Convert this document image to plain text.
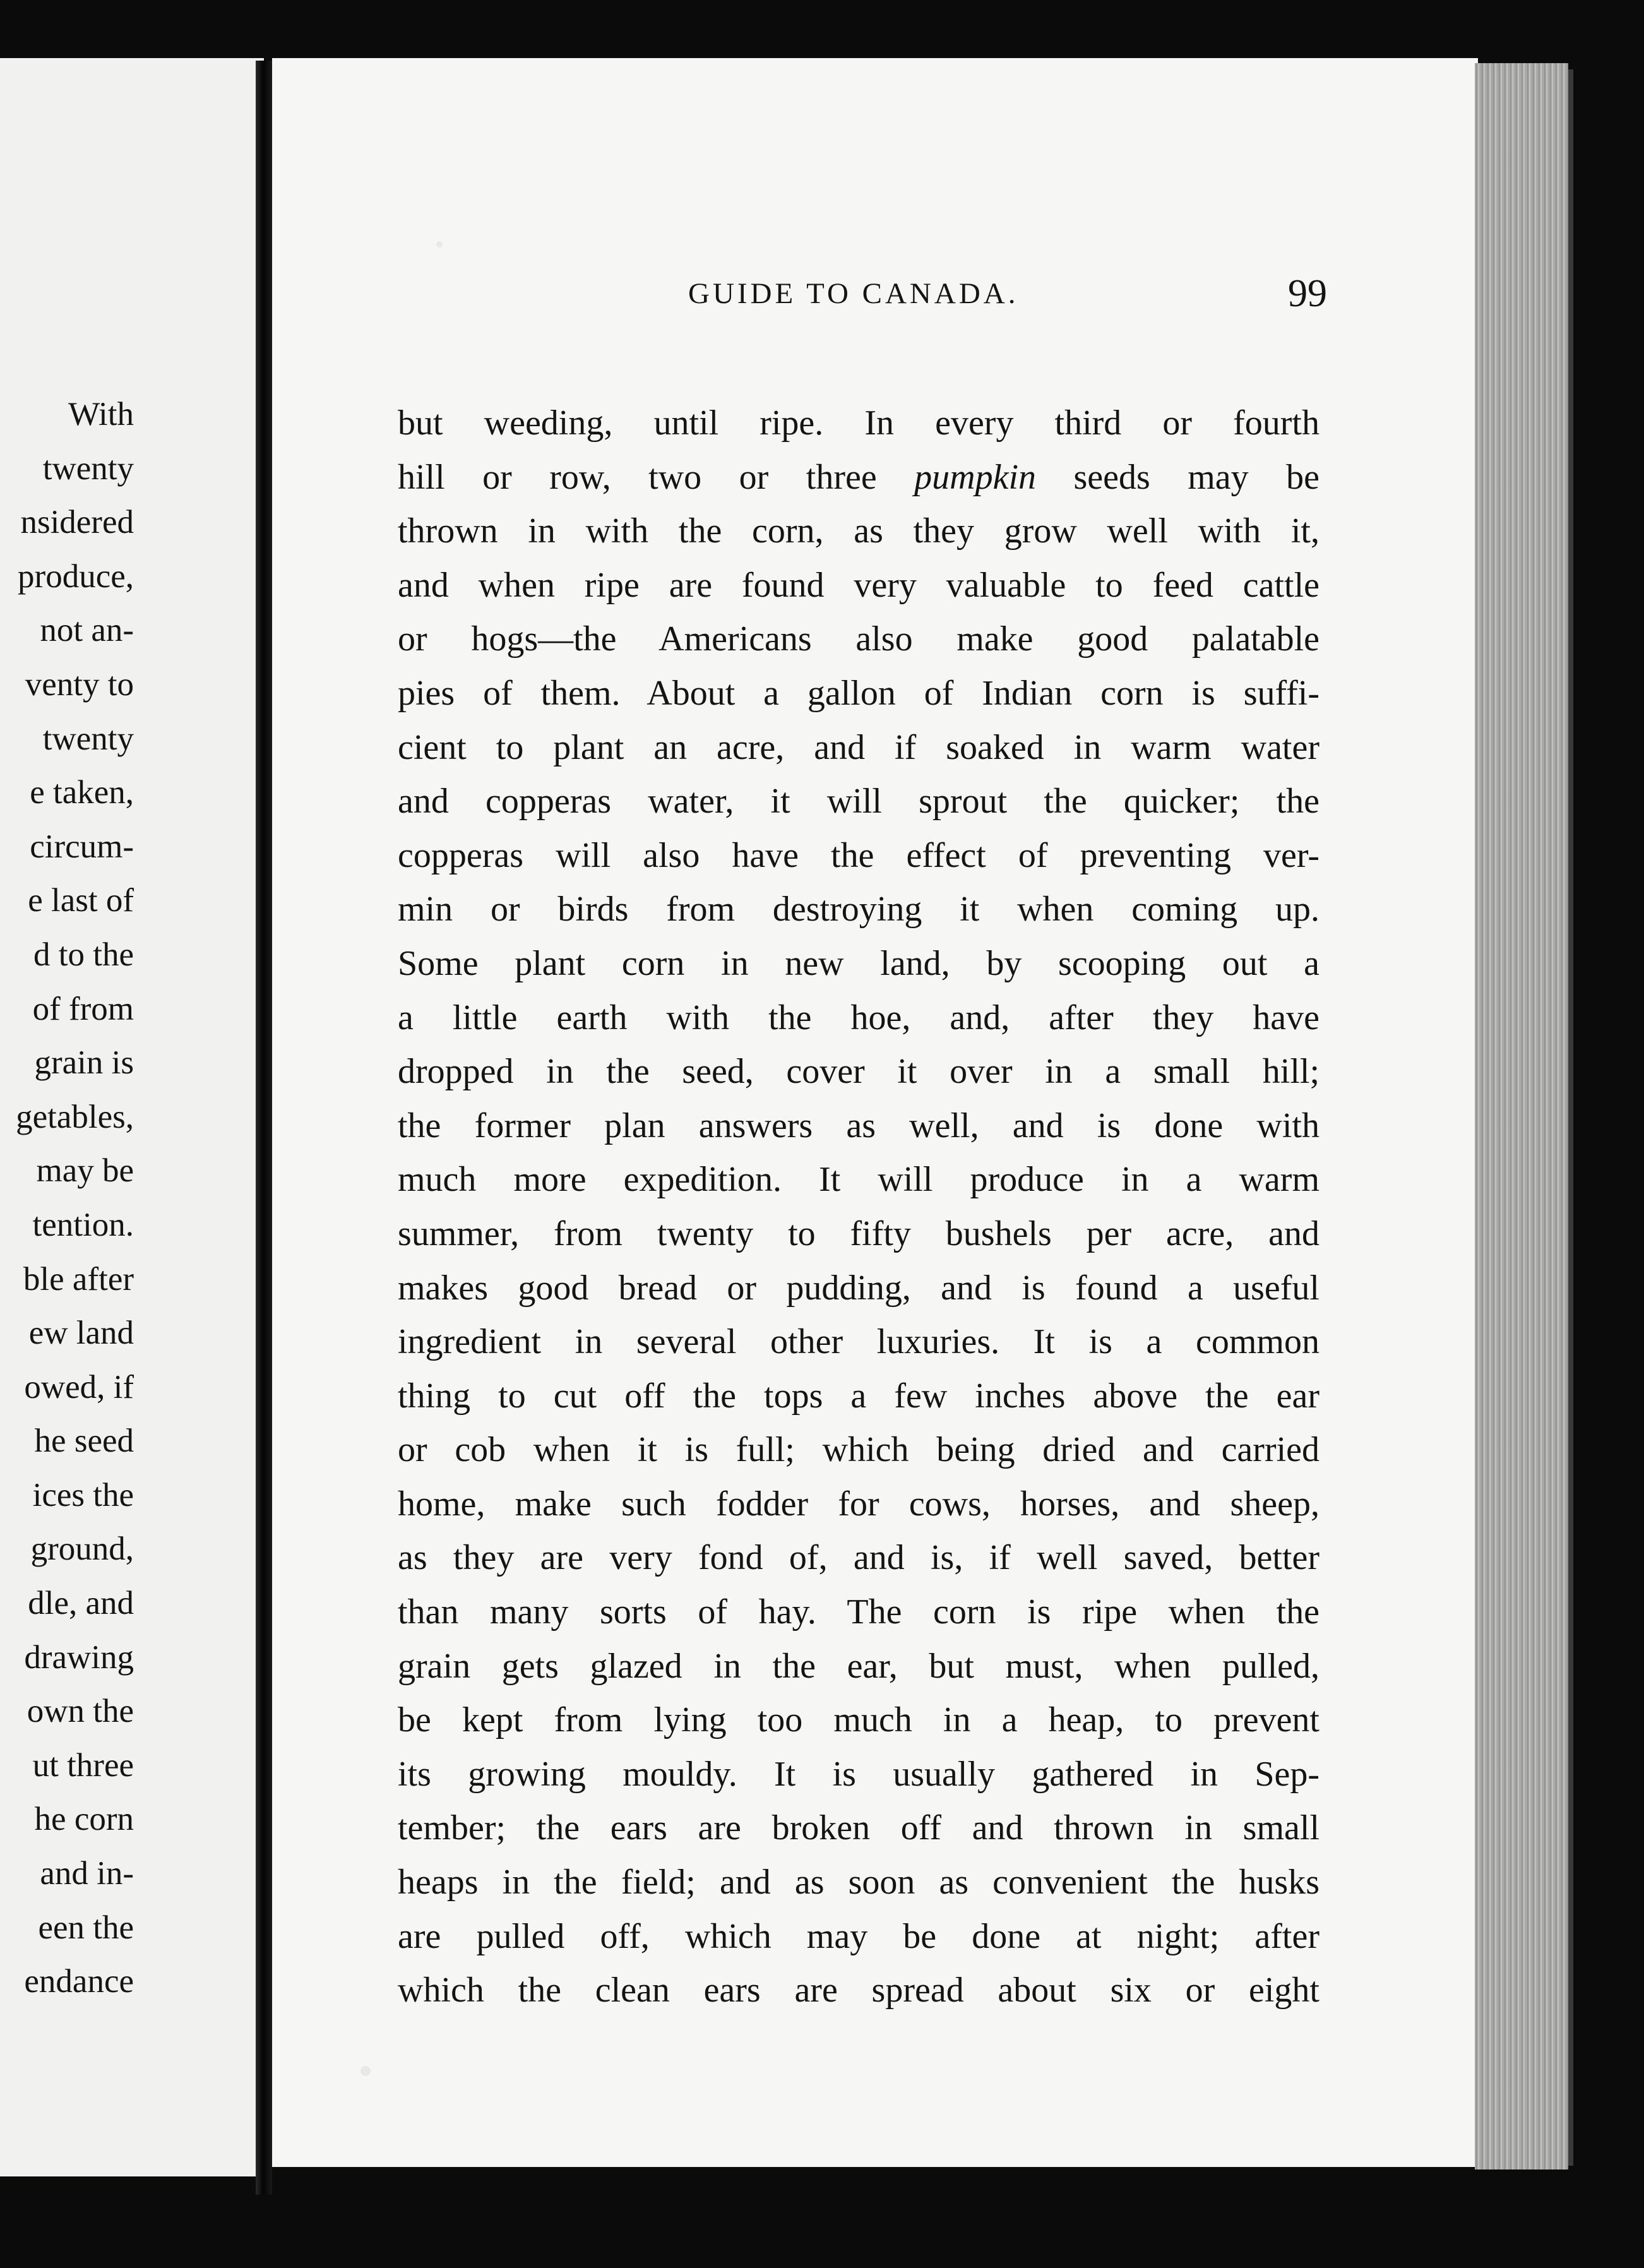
With
twenty
nsidered
produce,
not an-
venty to
twenty
e taken,
circum-
e last of
d to the
of from
grain is
getables,
may be
tention.
ble after
ew land
owed, if
he seed
ices the
ground,
dle, and
drawing
own the
ut three
he corn
and in-
een the
endance
GUIDE TO CANADA.	99
but weeding, until ripe. In every third or fourth
hill or row, two or three pumpkin seeds may be
thrown in with the corn, as they grow well with it,
and when ripe are found very valuable to feed cattle
or hogs—the Americans also make good palatable
pies of them. About a gallon of Indian corn is suffi-
cient to plant an acre, and if soaked in warm water
and copperas water, it will sprout the quicker; the
copperas will also have the effect of preventing ver-
min or birds from destroying it when coming up.
Some plant corn in new land, by scooping out a
a little earth with the hoe, and, after they have
dropped in the seed, cover it over in a small hill;
the former plan answers as well, and is done with
much more expedition. It will produce in a warm
summer, from twenty to fifty bushels per acre, and
makes good bread or pudding, and is found a useful
ingredient in several other luxuries. It is a common
thing to cut off the tops a few inches above the ear
or cob when it is full; which being dried and carried
home, make such fodder for cows, horses, and sheep,
as they are very fond of, and is, if well saved, better
than many sorts of hay. The corn is ripe when the
grain gets glazed in the ear, but must, when pulled,
be kept from lying too much in a heap, to prevent
its growing mouldy. It is usually gathered in Sep-
tember; the ears are broken off and thrown in small
heaps in the field; and as soon as convenient the husks
are pulled off, which may be done at night; after
which the clean ears are spread about six or eight
